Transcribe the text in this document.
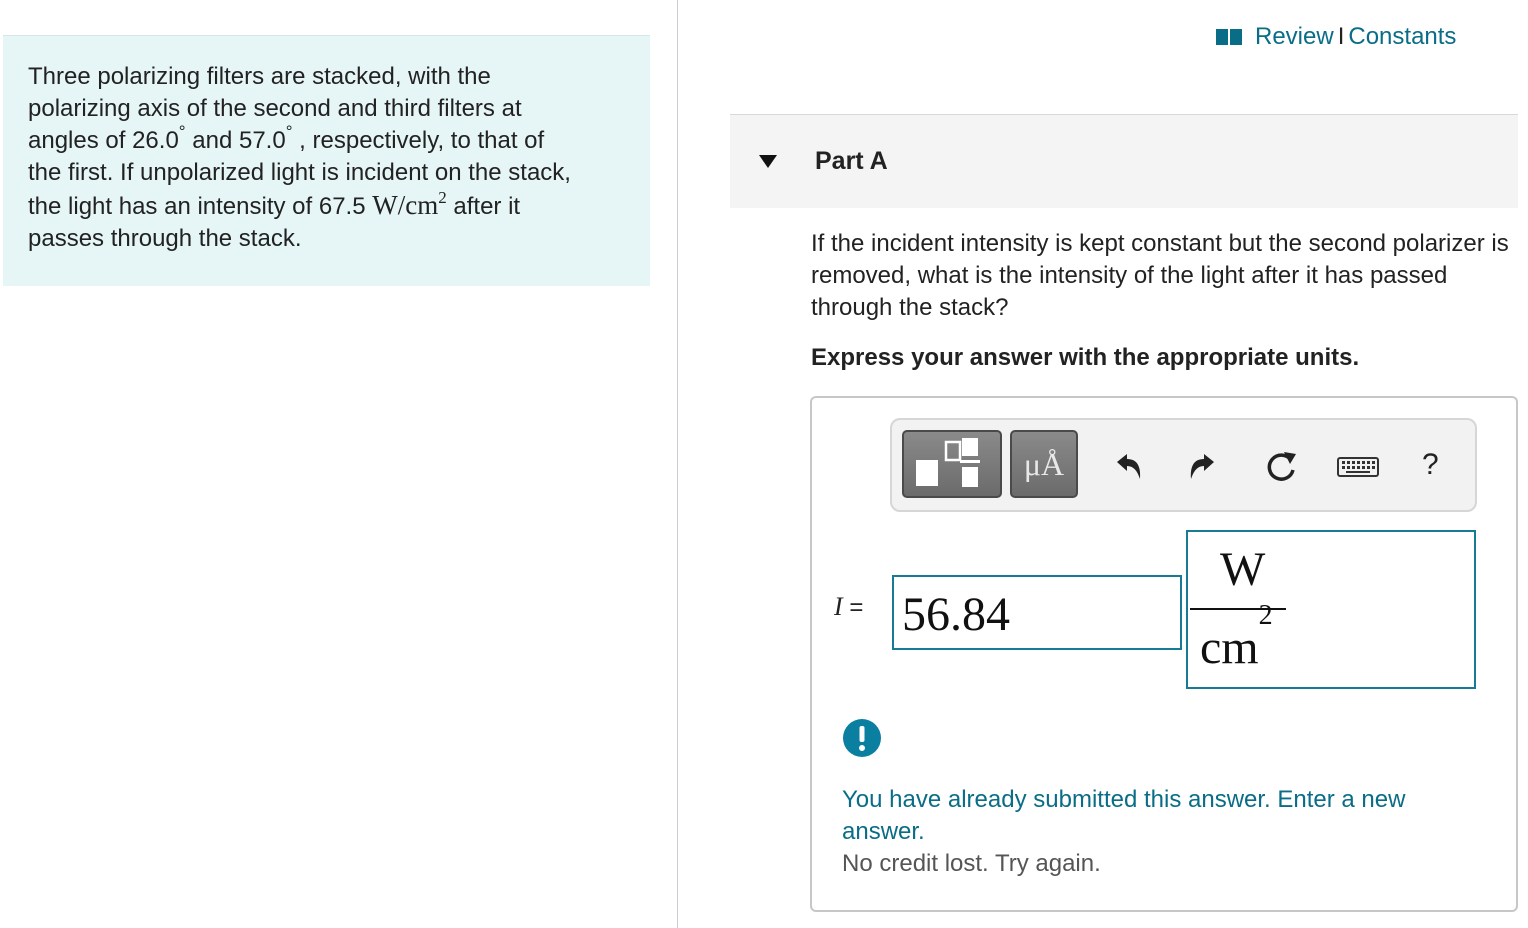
Three polarizing filters are stacked, with the
polarizing axis of the second and third filters at
angles of 26.0° and 57.0° , respectively, to that of
the first. If unpolarized light is incident on the stack,
the light has an intensity of 67.5 $W/cm^2$ after it
passes through the stack.
Review I Constants
Part A
If the incident intensity is kept constant but the second polarizer is removed, what is the intensity of the light after it has passed through the stack?
Express your answer with the appropriate units.
μÅ	?
I = 56.84
W
$cm^2$
You have already submitted this answer. Enter a new answer.
No credit lost. Try again.
